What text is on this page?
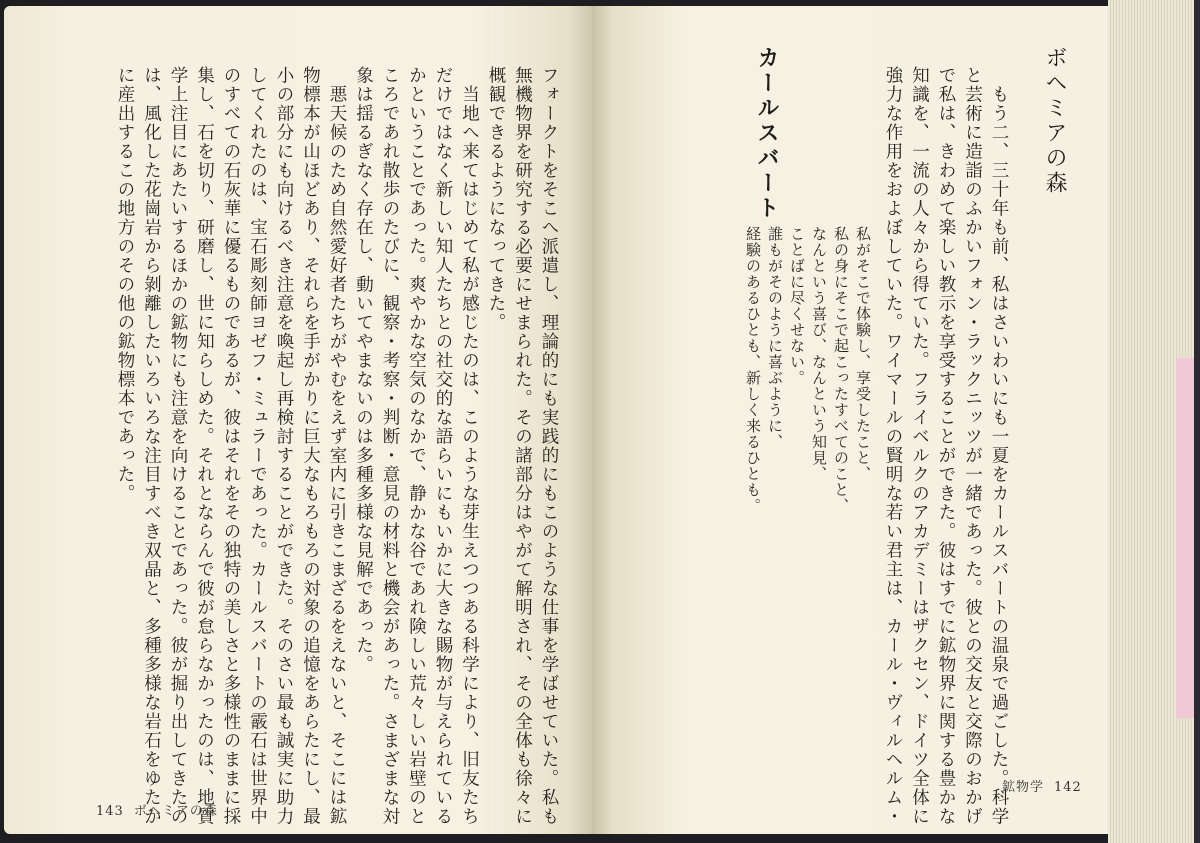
フォークトをそこへ派遣し、理論的にも実践的にもこのような仕事を学ばせていた。私も
無機物界を研究する必要にせまられた。その諸部分はやがて解明され、その全体も徐々に
概観できるようになってきた。
　当地へ来てはじめて私が感じたのは、このような芽生えつつある科学により、旧友たち
だけではなく新しい知人たちとの社交的な語らいにもいかに大きな賜物が与えられている
かということであった。爽やかな空気のなかで、静かな谷であれ険しい荒々しい岩壁のと
ころであれ散歩のたびに、観察・考察・判断・意見の材料と機会があった。さまざまな対
象は揺るぎなく存在し、動いてやまないのは多種多様な見解であった。
　悪天候のため自然愛好者たちがやむをえず室内に引きこまざるをえないと、そこには鉱
物標本が山ほどあり、それらを手がかりに巨大なもろもろの対象の追憶をあらたにし、最
小の部分にも向けるべき注意を喚起し再検討することができた。そのさい最も誠実に助力
してくれたのは、宝石彫刻師ヨゼフ・ミュラーであった。カールスバートの霰石は世界中
のすべての石灰華に優るものであるが、彼はそれをその独特の美しさと多様性のままに採
集し、石を切り、研磨し、世に知らしめた。それとならんで彼が怠らなかったのは、地質
学上注目にあたいするほかの鉱物にも注意を向けることであった。彼が掘り出してきたの
は、風化した花崗岩から剝離したいろいろな注目すべき双晶と、多種多様な岩石をゆたか
に産出するこの地方のその他の鉱物標本であった。
143 ボヘミアの森
ボヘミアの森
私がそこで体験し、享受したこと、
私の身にそこで起こったすべてのこと、
なんという喜び、なんという知見、
ことばに尽くせない。
誰もがそのように喜ぶように、
経験のあるひとも、新しく来るひとも。
カールスバート	　もう二、三十年も前、私はさいわいにも一夏をカールスバートの温泉で過ごした。科学
と芸術に造詣のふかいフォン・ラックニッツが一緒であった。彼との交友と交際のおかげ
で私は、きわめて楽しい教示を享受することができた。彼はすでに鉱物界に関する豊かな
知識を、一流の人々から得ていた。フライベルクのアカデミーはザクセン、ドイツ全体に
強力な作用をおよぼしていた。ワイマールの賢明な若い君主は、カール・ヴィルヘルム・	鉱物学 142
